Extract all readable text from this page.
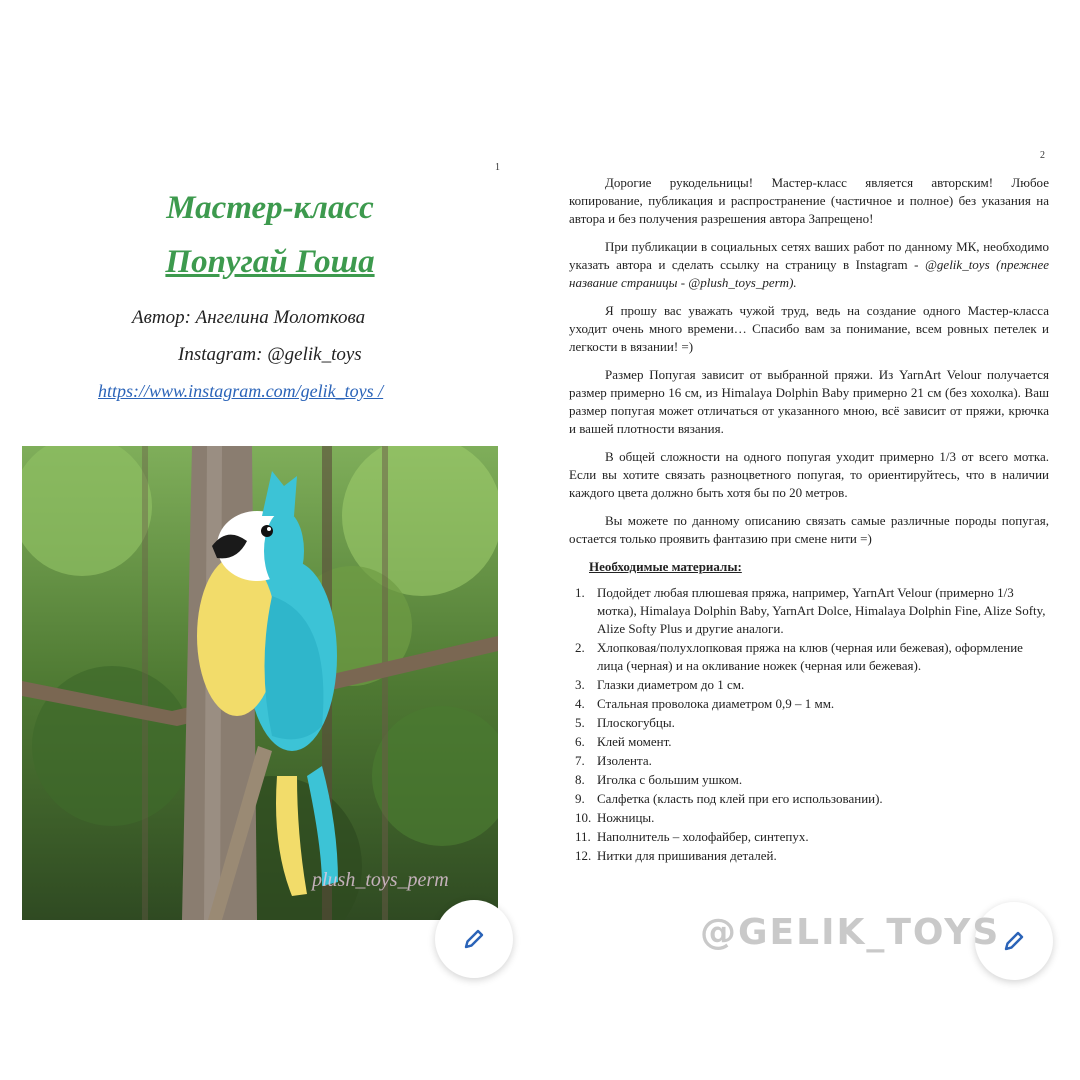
1
Мастер-класс
Попугай Гоша
Автор: Ангелина Молоткова
Instagram: @gelik_toys
https://www.instagram.com/gelik_toys /
plush_toys_perm
2

Дорогие рукодельницы! Мастер-класс является авторским! Любое копирование, публикация и распространение (частичное и полное) без указания на автора и без получения разрешения автора Запрещено!

При публикации в социальных сетях ваших работ по данному МК, необходимо указать автора и сделать ссылку на страницу в Instagram - @gelik_toys (прежнее название страницы - @plush_toys_perm).

Я прошу вас уважать чужой труд, ведь на создание одного Мастер-класса уходит очень много времени… Спасибо вам за понимание, всем ровных петелек и легкости в вязании! =)

Размер Попугая зависит от выбранной пряжи. Из YarnArt Velour получается размер примерно 16 см, из Himalaya Dolphin Baby примерно 21 см (без хохолка). Ваш размер попугая может отличаться от указанного мною, всё зависит от пряжи, крючка и вашей плотности вязания.

В общей сложности на одного попугая уходит примерно 1/3 от всего мотка. Если вы хотите связать разноцветного попугая, то ориентируйтесь, что в наличии каждого цвета должно быть хотя бы по 20 метров.

Вы можете по данному описанию связать самые различные породы попугая, остается только проявить фантазию при смене нити =)

Необходимые материалы:
1. Подойдет любая плюшевая пряжа, например, YarnArt Velour (примерно 1/3 мотка), Himalaya Dolphin Baby, YarnArt Dolce, Himalaya Dolphin Fine, Alize Softy, Alize Softy Plus и другие аналоги.
2. Хлопковая/полухлопковая пряжа на клюв (черная или бежевая), оформление лица (черная) и на окливание ножек (черная или бежевая).
3. Глазки диаметром до 1 см.
4. Стальная проволока диаметром 0,9 – 1 мм.
5. Плоскогубцы.
6. Клей момент.
7. Изолента.
8. Иголка с большим ушком.
9. Салфетка (класть под клей при его использовании).
10. Ножницы.
11. Наполнитель – холофайбер, синтепух.
12. Нитки для пришивания деталей.
@GELIK_TOYS
